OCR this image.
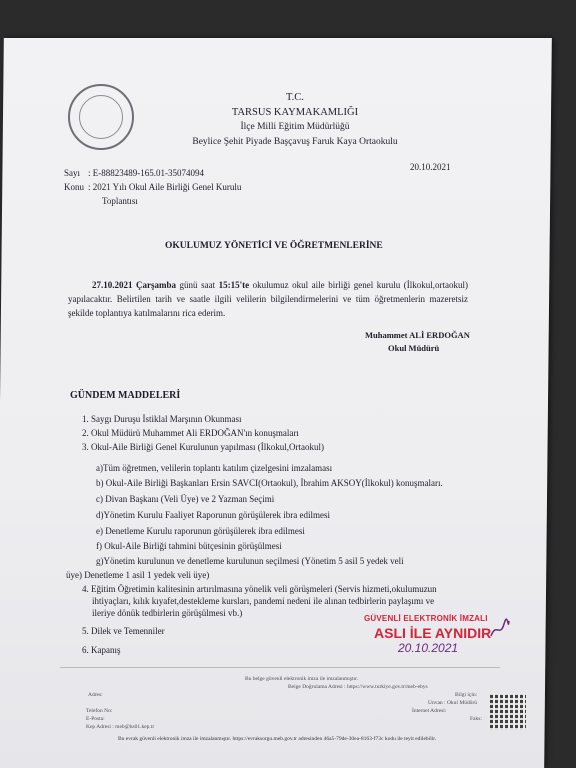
T.C.
TARSUS KAYMAKAMLIĞI
İlçe Milli Eğitim Müdürlüğü
Beylice Şehit Piyade Başçavuş Faruk Kaya Ortaokulu
Sayı : E-88823489-165.01-35074094
20.10.2021
Konu : 2021 Yılı Okul Aile Birliği Genel Kurulu
Toplantısı
OKULUMUZ YÖNETİCİ VE ÖĞRETMENLERİNE
27.10.2021 Çarşamba günü saat 15:15'te okulumuz okul aile birliği genel kurulu (İlkokul,ortaokul) yapılacaktır. Belirtilen tarih ve saatle ilgili velilerin bilgilendirmelerini ve tüm öğretmenlerin mazeretsiz şekilde toplantıya katılmalarını rica ederim.
Muhammet ALİ ERDOĞAN
Okul Müdürü
GÜNDEM MADDELERİ
1. Saygı Duruşu İstiklal Marşının Okunması
2. Okul Müdürü Muhammet Ali ERDOĞAN'ın konuşmaları
3. Okul-Aile Birliği Genel Kurulunun yapılması (İlkokul,Ortaokul)
a)Tüm öğretmen, velilerin toplantı katılım çizelgesini imzalaması
b) Okul-Aile Birliği Başkanları Ersin SAVCI(Ortaokul), İbrahim AKSOY(İlkokul) konuşmaları.
c) Divan Başkanı (Veli Üye) ve 2 Yazman Seçimi
d)Yönetim Kurulu Faaliyet Raporunun görüşülerek ibra edilmesi
e) Denetleme Kurulu raporunun görüşülerek ibra edilmesi
f) Okul-Aile Birliği tahmini bütçesinin görüşülmesi
g)Yönetim kurulunun ve denetleme kurulunun seçilmesi (Yönetim 5 asil 5 yedek veli
üye) Denetleme 1 asil 1 yedek veli üye)
4. Eğitim Öğretimin kalitesinin artırılmasına yönelik veli görüşmeleri (Servis hizmeti,okulumuzun
ihtiyaçları, kılık kıyafet,destekleme kursları, pandemi nedeni ile alınan tedbirlerin paylaşımı ve
ileriye dönük tedbirlerin görüşülmesi vb.)
5. Dilek ve Temenniler
6. Kapanış
GÜVENLİ ELEKTRONİK İMZALI
ASLI İLE AYNIDIR
20.10.2021
Bu belge güvenli elektronik imza ile imzalanmıştır.
Belge Doğrulama Adresi : https://www.turkiye.gov.tr/meb-ebys
Bilgi için:
Adres:
Unvan : Okul Müdürü
Telefon No:
E-Posta:
İnternet Adresi:
Kep Adresi : meb@hs01.kep.tr
Faks:
Bu evrak güvenli elektronik imza ile imzalanmıştır. https://evraksorgu.meb.gov.tr adresinden 46a5-79de-30ea-8163-f73c kodu ile teyit edilebilir.
